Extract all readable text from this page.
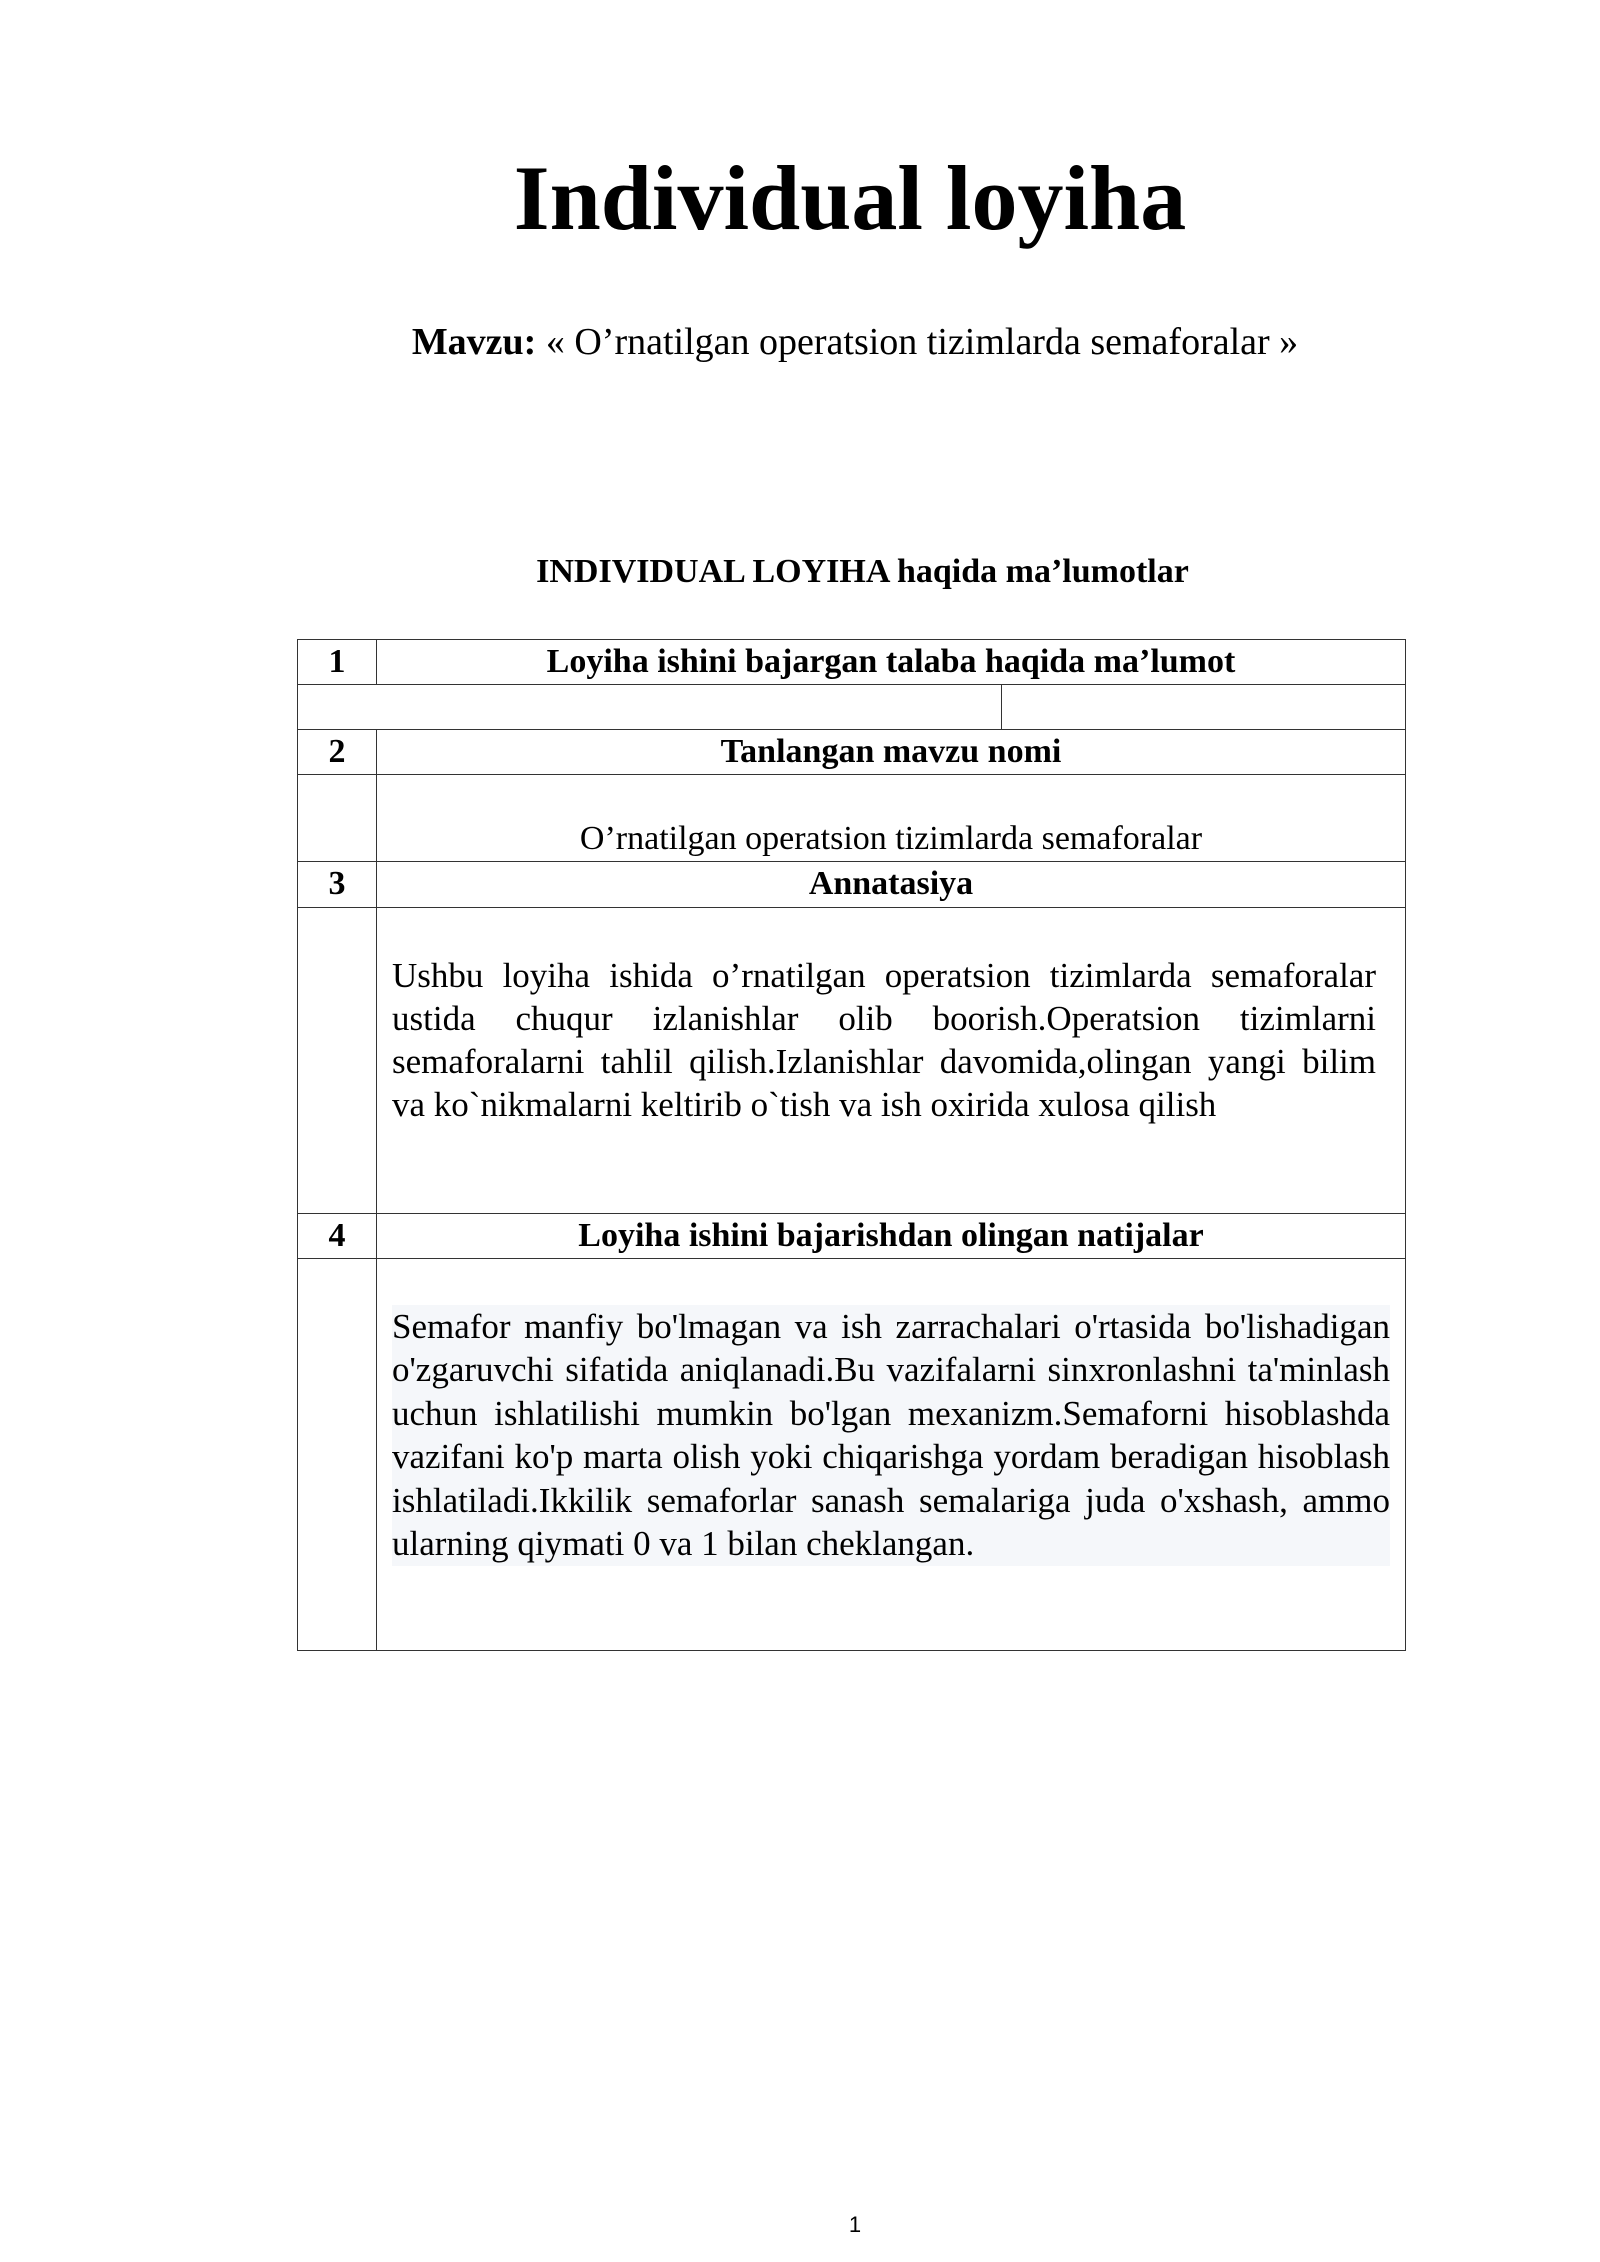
Individual loyiha
Mavzu: « O’rnatilgan operatsion tizimlarda semaforalar »
INDIVIDUAL LOYIHA haqida ma’lumotlar
1	Loyiha ishini bajargan talaba haqida ma’lumot

2	Tanlangan mavzu nomi
	O’rnatilgan operatsion tizimlarda semaforalar
3	Annatasiya

	Ushbu loyiha ishida o’rnatilgan operatsion tizimlarda semaforalar ustida chuqur izlanishlar olib boorish.Operatsion tizimlarni semaforalarni tahlil qilish.Izlanishlar davomida,olingan yangi bilim va ko`nikmalarni keltirib o`tish va ish oxirida xulosa qilish

4	Loyiha ishini bajarishdan olingan natijalar

	Semafor manfiy bo'lmagan va ish zarrachalari o'rtasida bo'lishadigan o'zgaruvchi sifatida aniqlanadi.Bu vazifalarni sinxronlashni ta'minlash uchun ishlatilishi mumkin bo'lgan mexanizm.Semaforni hisoblashda vazifani ko'p marta olish yoki chiqarishga yordam beradigan hisoblash ishlatiladi.Ikkilik semaforlar sanash semalariga juda o'xshash, ammo ularning qiymati 0 va 1 bilan cheklangan.
1
